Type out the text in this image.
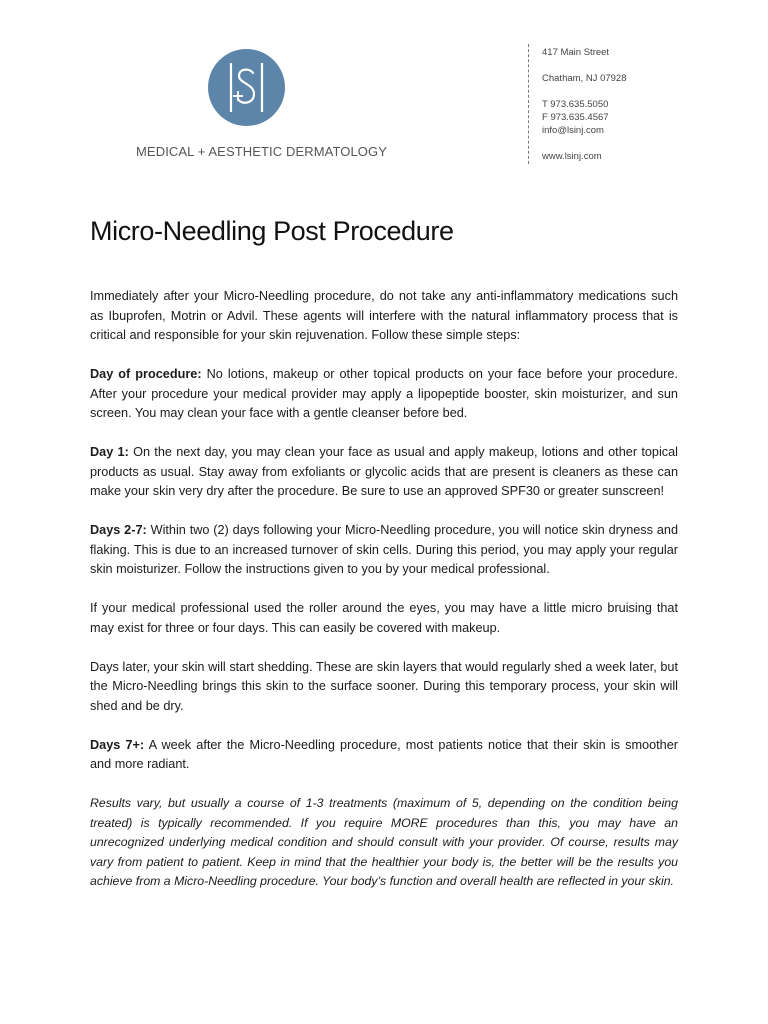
MEDICAL + AESTHETIC DERMATOLOGY
417 Main Street
Chatham, NJ 07928
T 973.635.5050
F 973.635.4567
info@lsinj.com
www.lsinj.com
Micro-Needling Post Procedure

Immediately after your Micro-Needling procedure, do not take any anti-inflammatory medications such as Ibuprofen, Motrin or Advil. These agents will interfere with the natural inflammatory process that is critical and responsible for your skin rejuvenation. Follow these simple steps:

Day of procedure: No lotions, makeup or other topical products on your face before your procedure. After your procedure your medical provider may apply a lipopeptide booster, skin moisturizer, and sun screen. You may clean your face with a gentle cleanser before bed.

Day 1: On the next day, you may clean your face as usual and apply makeup, lotions and other topical products as usual. Stay away from exfoliants or glycolic acids that are present is cleaners as these can make your skin very dry after the procedure. Be sure to use an approved SPF30 or greater sunscreen!

Days 2-7: Within two (2) days following your Micro-Needling procedure, you will notice skin dryness and flaking. This is due to an increased turnover of skin cells. During this period, you may apply your regular skin moisturizer. Follow the instructions given to you by your medical professional.

If your medical professional used the roller around the eyes, you may have a little micro bruising that may exist for three or four days. This can easily be covered with makeup.

Days later, your skin will start shedding. These are skin layers that would regularly shed a week later, but the Micro-Needling brings this skin to the surface sooner. During this temporary process, your skin will shed and be dry.

Days 7+: A week after the Micro-Needling procedure, most patients notice that their skin is smoother and more radiant.

Results vary, but usually a course of 1-3 treatments (maximum of 5, depending on the condition being treated) is typically recommended. If you require MORE procedures than this, you may have an unrecognized underlying medical condition and should consult with your provider. Of course, results may vary from patient to patient. Keep in mind that the healthier your body is, the better will be the results you achieve from a Micro-Needling procedure. Your body’s function and overall health are reflected in your skin.
